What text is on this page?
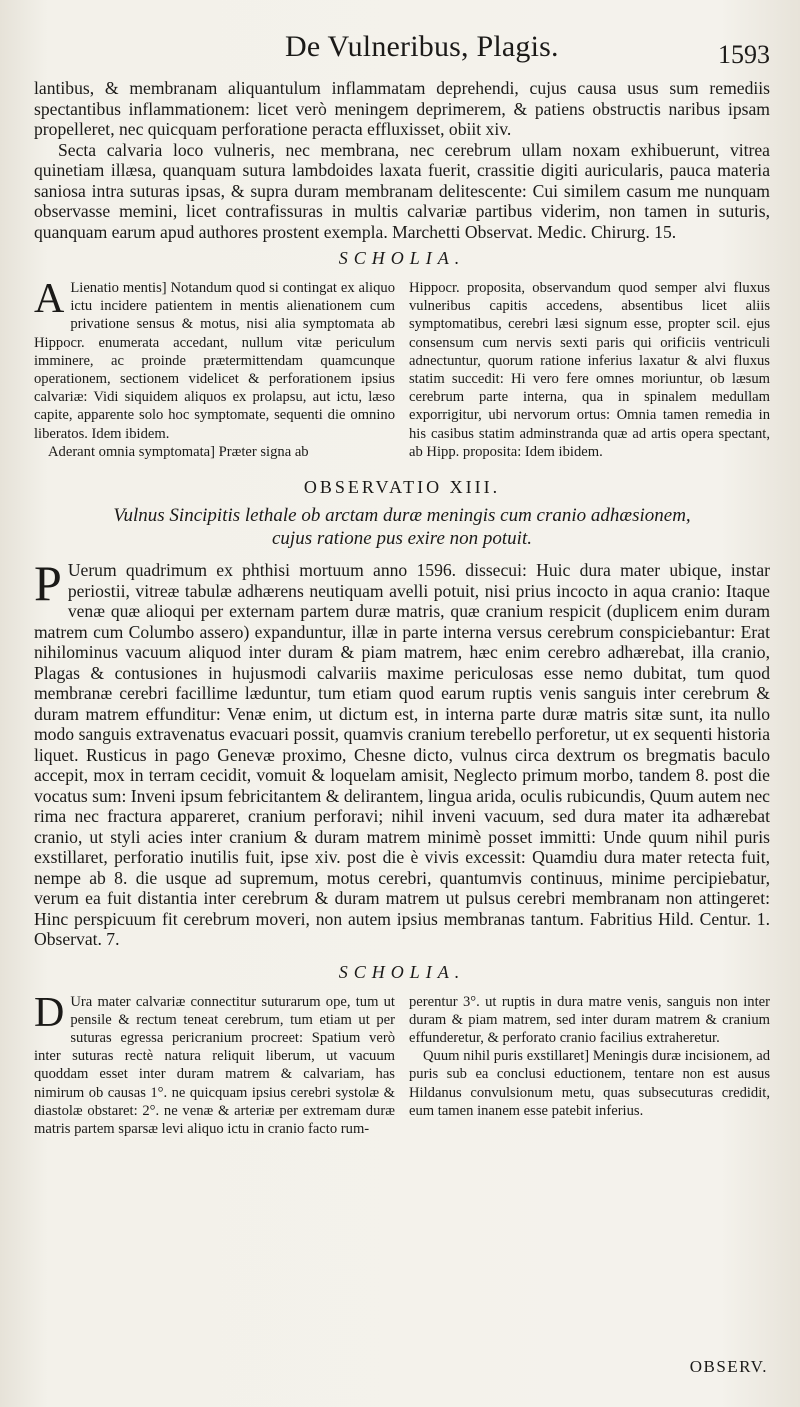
De Vulneribus, Plagis.	1593

lantibus, & membranam aliquantulum inflammatam deprehendi, cujus causa usus sum remediis spectantibus inflammationem: licet verò meningem deprimerem, & patiens obstructis naribus ipsam propelleret, nec quicquam perforatione peracta effluxisset, obiit xiv.

Secta calvaria loco vulneris, nec membrana, nec cerebrum ullam noxam exhibuerunt, vitrea quinetiam illæsa, quanquam sutura lambdoides laxata fuerit, crassitie digiti auricularis, pauca materia saniosa intra suturas ipsas, & supra duram membranam delitescente: Cui similem casum me nunquam observasse memini, licet contrafissuras in multis calvariæ partibus viderim, non tamen in suturis, quanquam earum apud authores prostent exempla. Marchetti Observat. Medic. Chirurg. 15.

SCHOLIA.

A Lienatio mentis] Notandum quod si contingat ex aliquo ictu incidere patientem in mentis alienationem cum privatione sensus & motus, nisi alia symptomata ab Hippocr. enumerata accedant, nullum vitæ periculum imminere, ac proinde prætermittendam quamcunque operationem, sectionem videlicet & perforationem ipsius calvariæ: Vidi siquidem aliquos ex prolapsu, aut ictu, læso capite, apparente solo hoc symptomate, sequenti die omnino liberatos. Idem ibidem.

Aderant omnia symptomata] Præter signa ab

Hippocr. proposita, observandum quod semper alvi fluxus vulneribus capitis accedens, absentibus licet aliis symptomatibus, cerebri læsi signum esse, propter scil. ejus consensum cum nervis sexti paris qui orificiis ventriculi adnectuntur, quorum ratione inferius laxatur & alvi fluxus statim succedit: Hi vero fere omnes moriuntur, ob læsum cerebrum parte interna, qua in spinalem medullam exporrigitur, ubi nervorum ortus: Omnia tamen remedia in his casibus statim adminstranda quæ ad artis opera spectant, ab Hipp. proposita: Idem ibidem.

OBSERVATIO XIII.
Vulnus Sincipitis lethale ob arctam duræ meningis cum cranio adhæsionem,
cujus ratione pus exire non potuit.

P Uerum quadrimum ex phthisi mortuum anno 1596. dissecui: Huic dura mater ubique, instar periostii, vitreæ tabulæ adhærens neutiquam avelli potuit, nisi prius incocto in aqua cranio: Itaque venæ quæ alioqui per externam partem duræ matris, quæ cranium respicit (duplicem enim duram matrem cum Columbo assero) expanduntur, illæ in parte interna versus cerebrum conspiciebantur: Erat nihilominus vacuum aliquod inter duram & piam matrem, hæc enim cerebro adhærebat, illa cranio, Plagas & contusiones in hujusmodi calvariis maxime periculosas esse nemo dubitat, tum quod membranæ cerebri facillime læduntur, tum etiam quod earum ruptis venis sanguis inter cerebrum & duram matrem effunditur: Venæ enim, ut dictum est, in interna parte duræ matris sitæ sunt, ita nullo modo sanguis extravenatus evacuari possit, quamvis cranium terebello perforetur, ut ex sequenti historia liquet. Rusticus in pago Genevæ proximo, Chesne dicto, vulnus circa dextrum os bregmatis baculo accepit, mox in terram cecidit, vomuit & loquelam amisit, Neglecto primum morbo, tandem 8. post die vocatus sum: Inveni ipsum febricitantem & delirantem, lingua arida, oculis rubicundis, Quum autem nec rima nec fractura appareret, cranium perforavi; nihil inveni vacuum, sed dura mater ita adhærebat cranio, ut styli acies inter cranium & duram matrem minimè posset immitti: Unde quum nihil puris exstillaret, perforatio inutilis fuit, ipse xiv. post die è vivis excessit: Quamdiu dura mater retecta fuit, nempe ab 8. die usque ad supremum, motus cerebri, quantumvis continuus, minime percipiebatur, verum ea fuit distantia inter cerebrum & duram matrem ut pulsus cerebri membranam non attingeret: Hinc perspicuum fit cerebrum moveri, non autem ipsius membranas tantum. Fabritius Hild. Centur. 1. Observat. 7.

SCHOLIA.

D Ura mater calvariæ connectitur suturarum ope, tum ut pensile & rectum teneat cerebrum, tum etiam ut per suturas egressa pericranium procreet: Spatium verò inter suturas rectè natura reliquit liberum, ut vacuum quoddam esset inter duram matrem & calvariam, has nimirum ob causas 1°. ne quicquam ipsius cerebri systolæ & diastolæ obstaret: 2°. ne venæ & arteriæ per extremam duræ matris partem sparsæ levi aliquo ictu in cranio facto rum-

perentur 3°. ut ruptis in dura matre venis, sanguis non inter duram & piam matrem, sed inter duram matrem & cranium effunderetur, & perforato cranio facilius extraheretur.

Quum nihil puris exstillaret] Meningis duræ incisionem, ad puris sub ea conclusi eductionem, tentare non est ausus Hildanus convulsionum metu, quas subsecuturas credidit, eum tamen inanem esse patebit inferius.

OBSERV.
